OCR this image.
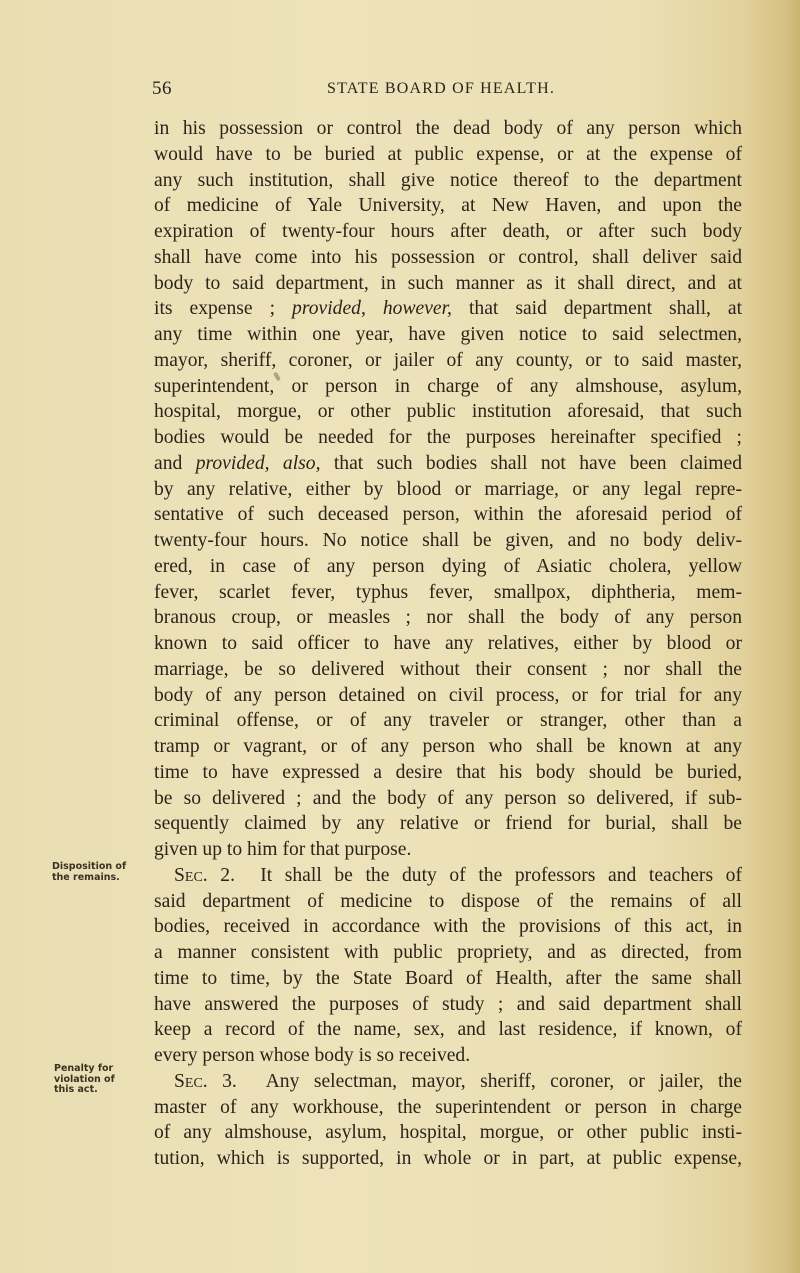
56	STATE BOARD OF HEALTH.
Disposition of
the remains.
Penalty for
violation of
this act.
in his possession or control the dead body of any person which
would have to be buried at public expense, or at the expense of
any such institution, shall give notice thereof to the department
of medicine of Yale University, at New Haven, and upon the
expiration of twenty-four hours after death, or after such body
shall have come into his possession or control, shall deliver said
body to said department, in such manner as it shall direct, and at
its expense ; provided, however, that said department shall, at
any time within one year, have given notice to said selectmen,
mayor, sheriff, coroner, or jailer of any county, or to said master,
superintendent, or person in charge of any almshouse, asylum,
hospital, morgue, or other public institution aforesaid, that such
bodies would be needed for the purposes hereinafter specified ;
and provided, also, that such bodies shall not have been claimed
by any relative, either by blood or marriage, or any legal repre-
sentative of such deceased person, within the aforesaid period of
twenty-four hours. No notice shall be given, and no body deliv-
ered, in case of any person dying of Asiatic cholera, yellow
fever, scarlet fever, typhus fever, smallpox, diphtheria, mem-
branous croup, or measles ; nor shall the body of any person
known to said officer to have any relatives, either by blood or
marriage, be so delivered without their consent ; nor shall the
body of any person detained on civil process, or for trial for any
criminal offense, or of any traveler or stranger, other than a
tramp or vagrant, or of any person who shall be known at any
time to have expressed a desire that his body should be buried,
be so delivered ; and the body of any person so delivered, if sub-
sequently claimed by any relative or friend for burial, shall be
given up to him for that purpose.
Sec. 2. It shall be the duty of the professors and teachers of
said department of medicine to dispose of the remains of all
bodies, received in accordance with the provisions of this act, in
a manner consistent with public propriety, and as directed, from
time to time, by the State Board of Health, after the same shall
have answered the purposes of study ; and said department shall
keep a record of the name, sex, and last residence, if known, of
every person whose body is so received.
Sec. 3. Any selectman, mayor, sheriff, coroner, or jailer, the
master of any workhouse, the superintendent or person in charge
of any almshouse, asylum, hospital, morgue, or other public insti-
tution, which is supported, in whole or in part, at public expense,
